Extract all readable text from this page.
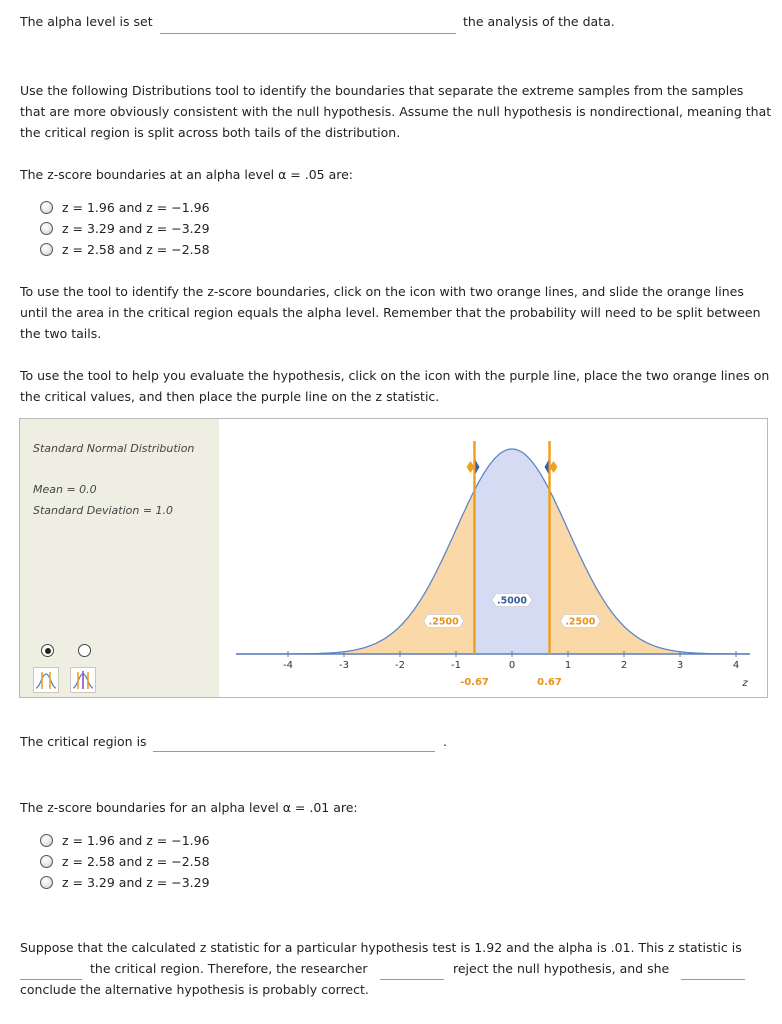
The alpha level is set	the analysis of the data.
Use the following Distributions tool to identify the boundaries that separate the extreme samples from the samples that are more obviously consistent with the null hypothesis. Assume the null hypothesis is nondirectional, meaning that the critical region is split across both tails of the distribution.
The z-score boundaries at an alpha level α = .05 are:
z = 1.96 and z = −1.96
z = 3.29 and z = −3.29
z = 2.58 and z = −2.58
To use the tool to identify the z-score boundaries, click on the icon with two orange lines, and slide the orange lines until the area in the critical region equals the alpha level. Remember that the probability will need to be split between the two tails.
To use the tool to help you evaluate the hypothesis, click on the icon with the purple line, place the two orange lines on the critical values, and then place the purple line on the z statistic.
Standard Normal Distribution
Mean = 0.0
Standard Deviation = 1.0
-4	-3	-2	-1	0	1	2	3	4
z
-0.67	0.67
.2500
.5000
.2500
The critical region is	.
The z-score boundaries for an alpha level α = .01 are:
z = 1.96 and z = −1.96
z = 2.58 and z = −2.58
z = 3.29 and z = −3.29
Suppose that the calculated z statistic for a particular hypothesis test is 1.92 and the alpha is .01. This z statistic is
the critical region. Therefore, the researcher	reject the null hypothesis, and she
conclude the alternative hypothesis is probably correct.
